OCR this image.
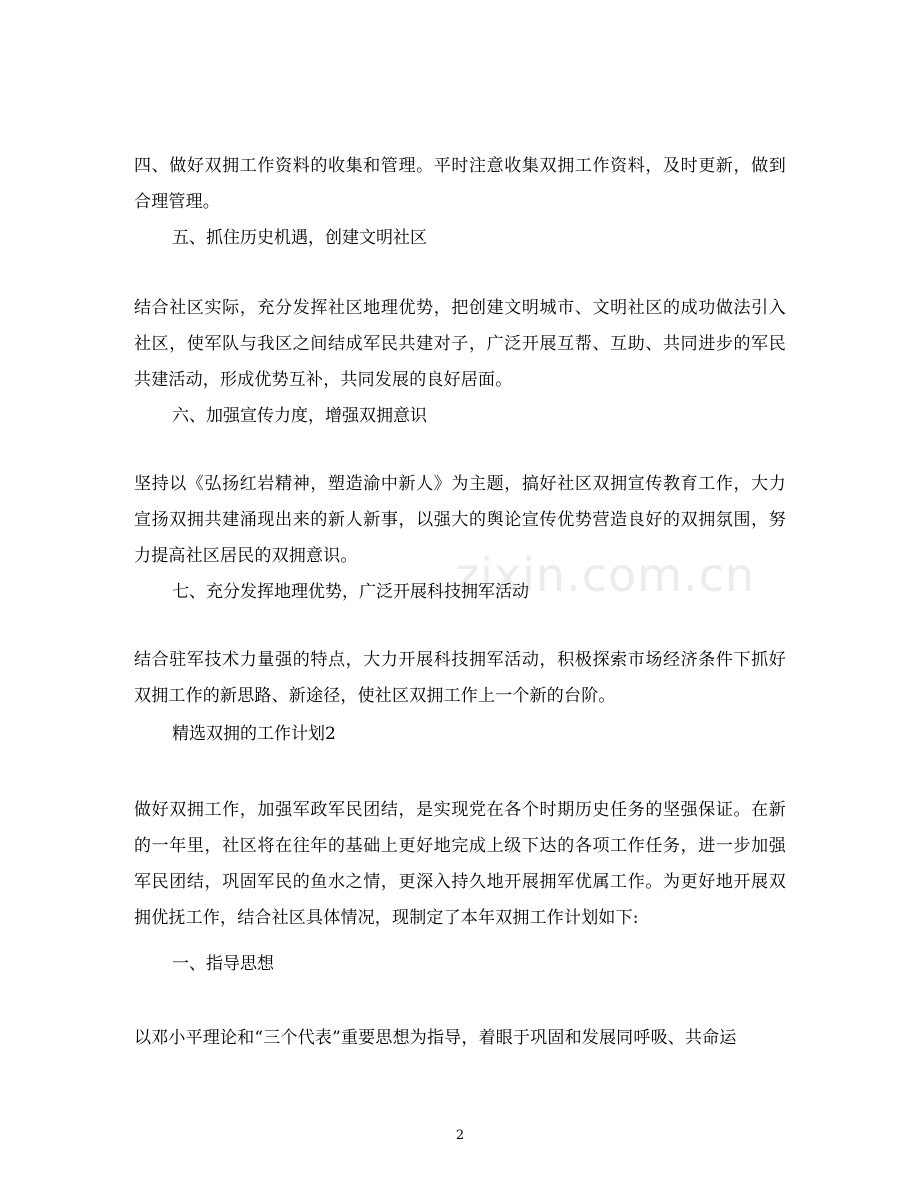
zixin.com.cn
四、做好双拥工作资料的收集和管理。平时注意收集双拥工作资料，及时更新，做到合理管理。
五、抓住历史机遇，创建文明社区
结合社区实际，充分发挥社区地理优势，把创建文明城市、文明社区的成功做法引入社区，使军队与我区之间结成军民共建对子，广泛开展互帮、互助、共同进步的军民共建活动，形成优势互补，共同发展的良好居面。
六、加强宣传力度，增强双拥意识
坚持以《弘扬红岩精神，塑造渝中新人》为主题，搞好社区双拥宣传教育工作，大力宣扬双拥共建涌现出来的新人新事，以强大的舆论宣传优势营造良好的双拥氛围，努力提高社区居民的双拥意识。
七、充分发挥地理优势，广泛开展科技拥军活动
结合驻军技术力量强的特点，大力开展科技拥军活动，积极探索市场经济条件下抓好双拥工作的新思路、新途径，使社区双拥工作上一个新的台阶。
精选双拥的工作计划2
做好双拥工作，加强军政军民团结，是实现党在各个时期历史任务的坚强保证。在新的一年里，社区将在往年的基础上更好地完成上级下达的各项工作任务，进一步加强军民团结，巩固军民的鱼水之情，更深入持久地开展拥军优属工作。为更好地开展双拥优抚工作，结合社区具体情况，现制定了本年双拥工作计划如下:
一、指导思想
以邓小平理论和“三个代表”重要思想为指导，着眼于巩固和发展同呼吸、共命运
2
